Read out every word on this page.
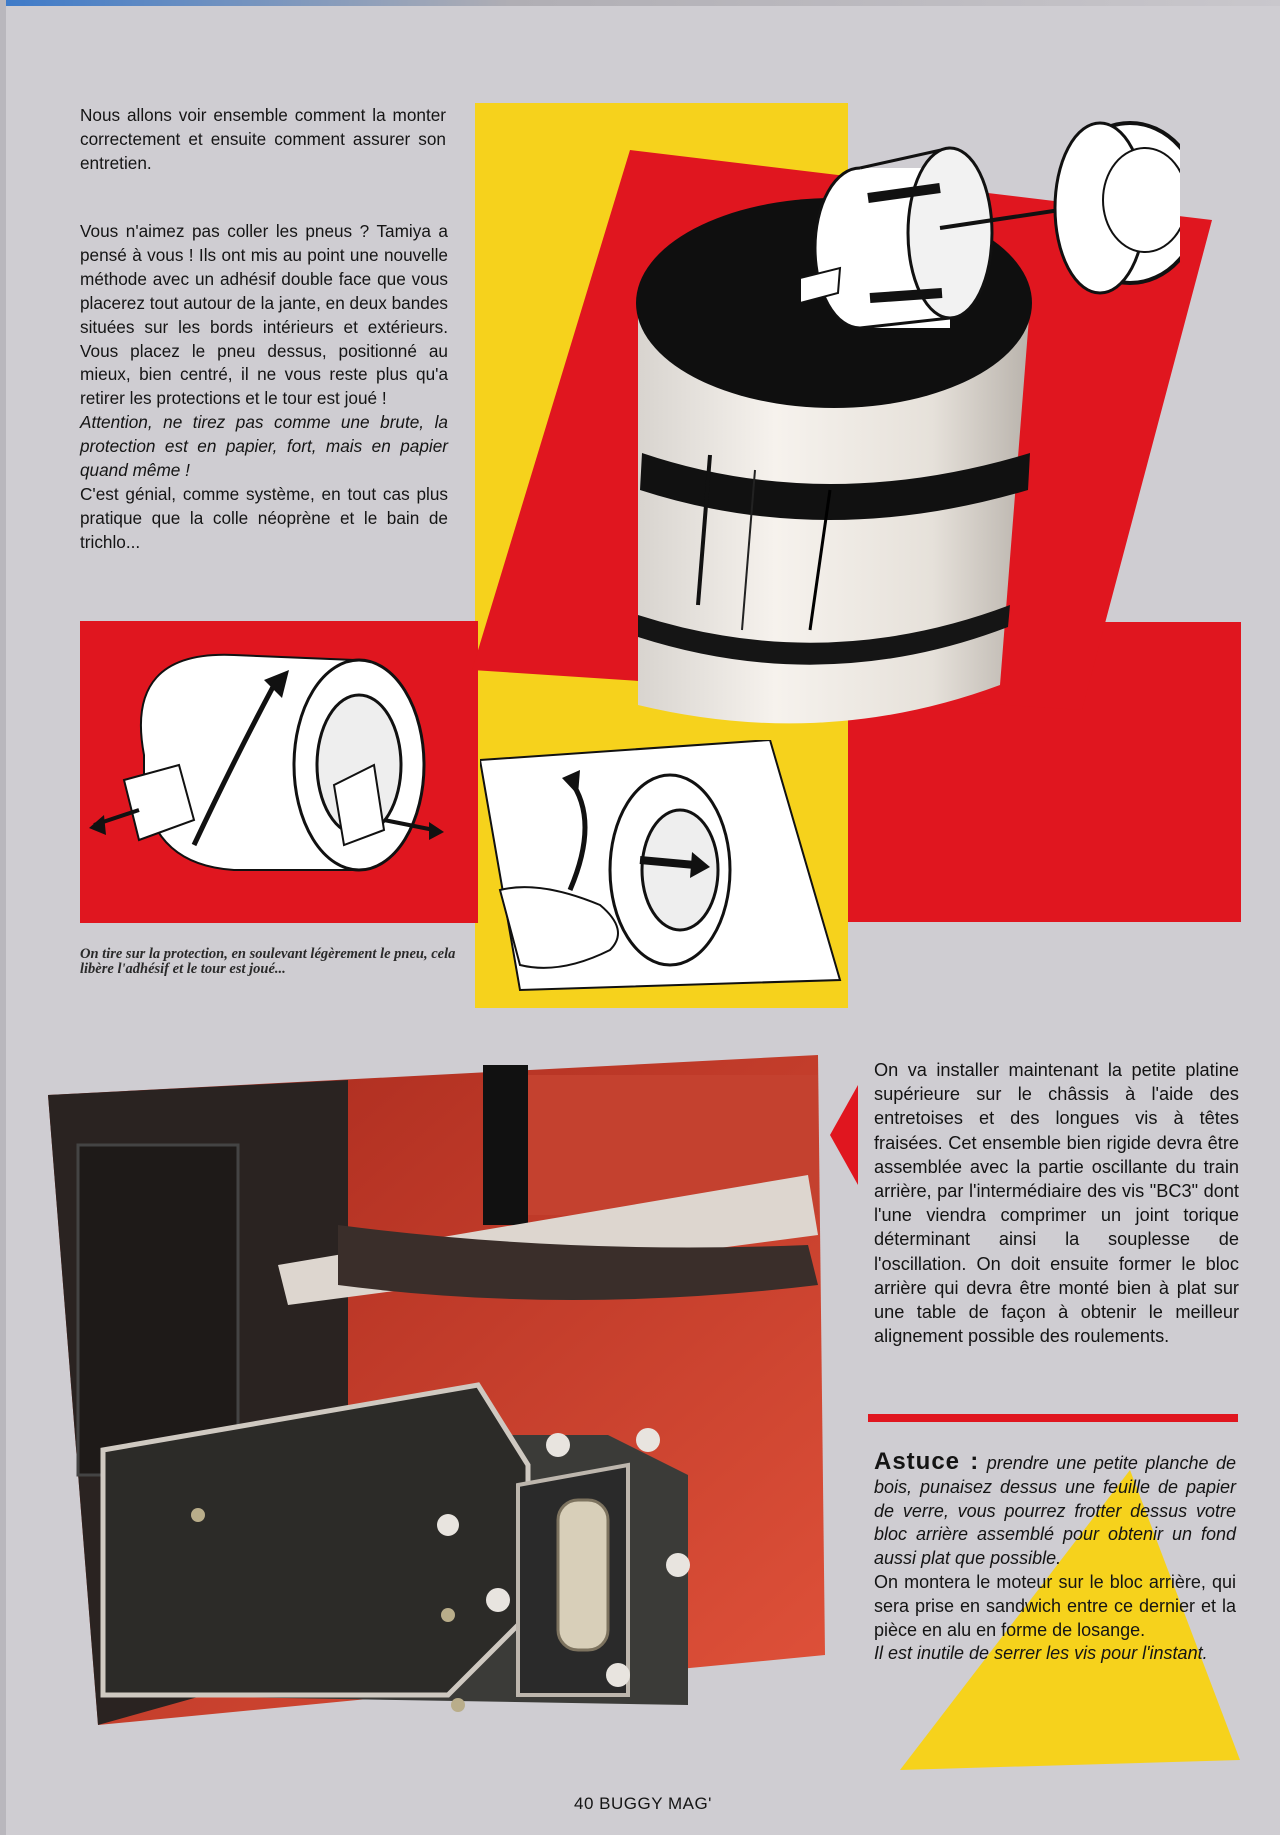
Nous allons voir ensemble comment la monter correctement et ensuite comment assurer son entretien.

Vous n'aimez pas coller les pneus ? Tamiya a pensé à vous ! Ils ont mis au point une nouvelle méthode avec un adhésif double face que vous placerez tout autour de la jante, en deux bandes situées sur les bords intérieurs et extérieurs. Vous placez le pneu dessus, positionné au mieux, bien centré, il ne vous reste plus qu'a retirer les protections et le tour est joué !

Attention, ne tirez pas comme une brute, la protection est en papier, fort, mais en papier quand même !

C'est génial, comme système, en tout cas plus pratique que la colle néoprène et le bain de trichlo...

On tire sur la protection, en soulevant légèrement le pneu, cela libère l'adhésif et le tour est joué...
On va installer maintenant la petite platine supérieure sur le châssis à l'aide des entretoises et des longues vis à têtes fraisées. Cet ensemble bien rigide devra être assemblée avec la partie oscillante du train arrière, par l'intermédiaire des vis "BC3" dont l'une viendra comprimer un joint torique déterminant ainsi la souplesse de l'oscillation. On doit ensuite former le bloc arrière qui devra être monté bien à plat sur une table de façon à obtenir le meilleur alignement possible des roulements.

Astuce : prendre une petite planche de bois, punaisez dessus une feuille de papier de verre, vous pourrez frotter dessus votre bloc arrière assemblé pour obtenir un fond aussi plat que possible.

On montera le moteur sur le bloc arrière, qui sera prise en sandwich entre ce dernier et la pièce en alu en forme de losange.

Il est inutile de serrer les vis pour l'instant.

40 BUGGY MAG'
